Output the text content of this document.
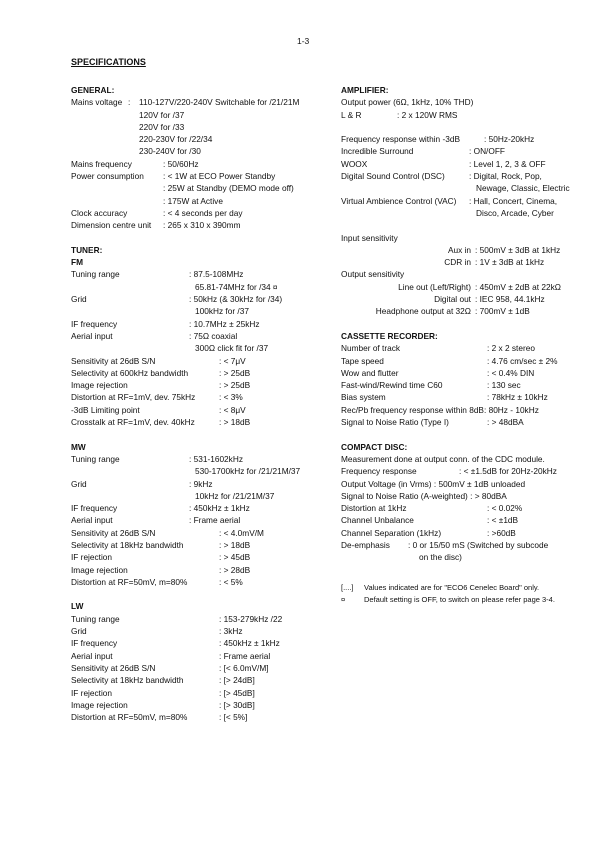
1-3
SPECIFICATIONS
GENERAL:
Mains voltage :	110-127V/220-240V Switchable for /21/21M
120V for /37
220V for /33
220-230V for /22/34
230-240V for /30
Mains frequency	: 50/60Hz
Power consumption	: < 1W at ECO Power Standby
: 25W at Standby (DEMO mode off)
: 175W at Active
Clock accuracy	: < 4 seconds per day
Dimension centre unit	: 265 x 310 x 390mm
TUNER:
FM
Tuning range	: 87.5-108MHz
65.81-74MHz for /34 ¤
Grid	: 50kHz (& 30kHz for /34)
100kHz for /37
IF frequency	: 10.7MHz ± 25kHz
Aerial input	: 75Ω coaxial
300Ω click fit for /37
Sensitivity at 26dB S/N	: < 7μV
Selectivity at 600kHz bandwidth	: > 25dB
Image rejection	: > 25dB
Distortion at RF=1mV, dev. 75kHz	: < 3%
-3dB Limiting point	: < 8μV
Crosstalk at RF=1mV, dev. 40kHz	: > 18dB
MW
Tuning range	: 531-1602kHz
530-1700kHz for /21/21M/37
Grid	: 9kHz
10kHz for /21/21M/37
IF frequency	: 450kHz ± 1kHz
Aerial input	: Frame aerial
Sensitivity at 26dB S/N	: < 4.0mV/M
Selectivity at 18kHz bandwidth	: > 18dB
IF rejection	: > 45dB
Image rejection	: > 28dB
Distortion at RF=50mV, m=80%	: < 5%
LW
Tuning range	: 153-279kHz /22
Grid	: 3kHz
IF frequency	: 450kHz ± 1kHz
Aerial input	: Frame aerial
Sensitivity at 26dB S/N	: [< 6.0mV/M]
Selectivity at 18kHz bandwidth	: [> 24dB]
IF rejection	: [> 45dB]
Image rejection	: [> 30dB]
Distortion at RF=50mV, m=80%	: [< 5%]
AMPLIFIER:
Output power (6Ω, 1kHz, 10% THD)
L & R	: 2 x 120W RMS
Frequency response within -3dB	: 50Hz-20kHz
Incredible Surround	: ON/OFF
WOOX	: Level 1, 2, 3 & OFF
Digital Sound Control (DSC)	: Digital, Rock, Pop,
Newage, Classic, Electric
Virtual Ambience Control (VAC)	: Hall, Concert, Cinema,
Disco, Arcade, Cyber
Input sensitivity
Aux in : 500mV ± 3dB at 1kHz
CDR in : 1V ± 3dB at 1kHz
Output sensitivity
Line out (Left/Right) : 450mV ± 2dB at 22kΩ
Digital out : IEC 958, 44.1kHz
Headphone output at 32Ω : 700mV ± 1dB
CASSETTE RECORDER:
Number of track	: 2 x 2 stereo
Tape speed	: 4.76 cm/sec ± 2%
Wow and flutter	: < 0.4% DIN
Fast-wind/Rewind time C60	: 130 sec
Bias system	: 78kHz ± 10kHz
Rec/Pb frequency response within 8dB: 80Hz - 10kHz
Signal to Noise Ratio (Type I)	: > 48dBA
COMPACT DISC:
Measurement done at output conn. of the CDC module.
Frequency response	: < ±1.5dB for 20Hz-20kHz
Output Voltage (in Vrms) : 500mV ± 1dB unloaded
Signal to Noise Ratio (A-weighted) : > 80dBA
Distortion at 1kHz	: < 0.02%
Channel Unbalance	: < ±1dB
Channel Separation (1kHz)	: >60dB
De-emphasis	: 0 or 15/50 mS (Switched by subcode
on the disc)
[....]	Values indicated are for "ECO6 Cenelec Board" only.
¤	Default setting is OFF, to switch on please refer page 3-4.
